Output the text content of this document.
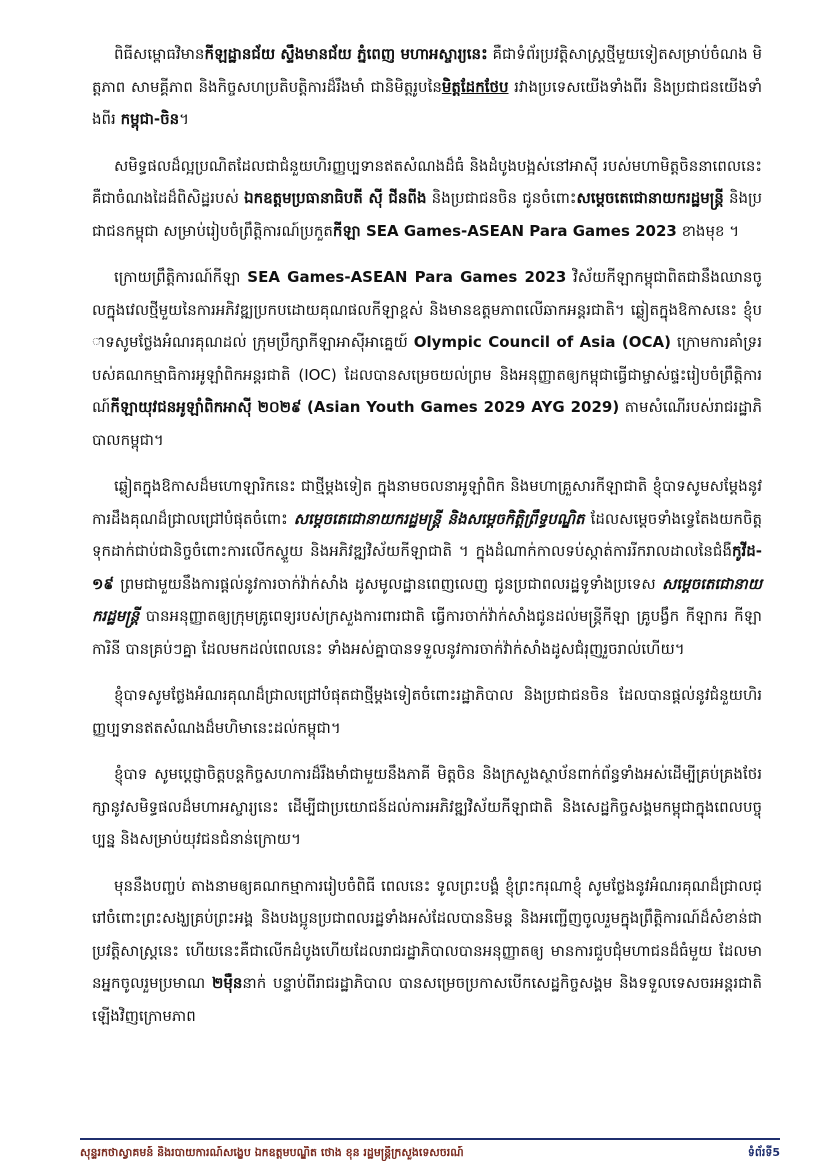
ពិធីសម្ពោធវិមានកីឡដ្ឋានជ័យ ស្ទឹងមានជ័យ ភ្នំពេញ មហាអស្ចារ្យនេះ គឺជាទំព័រប្រវត្តិសាស្ត្រថ្មីមួយទៀតសម្រាប់ចំណង មិត្តភាព សាមគ្គីភាព និងកិច្ចសហប្រតិបត្តិការដ៏រឹងមាំ ជានិមិត្តរូបនៃមិត្តដែកថែប រវាងប្រទេសយើងទាំងពីរ និងប្រជាជនយើងទាំងពីរ កម្ពុជា-ចិន។

សមិទ្ធផលដ៏ល្អប្រណិតដែលជាជំនួយហិរញ្ញប្បទានឥតសំណងដ៏ធំ និងដំបូងបង្អស់នៅអាស៊ី របស់មហាមិត្តចិននាពេលនេះ គឺជាចំណងដៃដ៏ពិសិដ្ឋរបស់ ឯកឧត្តមប្រធានាធិបតី ស៊ី ជីនពីង និងប្រជាជនចិន ជូនចំពោះសម្តេចតេជោនាយករដ្ឋមន្ត្រី និងប្រជាជនកម្ពុជា សម្រាប់រៀបចំព្រឹត្តិការណ៍ប្រកួតកីឡា SEA Games-ASEAN Para Games 2023 ខាងមុខ ។

ក្រោយព្រឹត្តិការណ៍កីឡា SEA Games-ASEAN Para Games 2023 វិស័យកីឡាកម្ពុជាពិតជានឹងឈានចូលក្នុងវេលថ្មីមួយនៃការអភិវឌ្ឍប្រកបដោយគុណផលកីឡាខ្ពស់ និងមានឧត្តមភាពលើឆាកអន្តរជាតិ។ ឆ្លៀតក្នុងឱកាសនេះ ខ្ញុំបាទសូមថ្លែងអំណរគុណដល់ ក្រុមប្រឹក្សាកីឡាអាស៊ីអាគ្នេយ៍ Olympic Council of Asia (OCA) ក្រោមការគាំទ្ររបស់គណកម្មាធិការអូឡាំពិកអន្តរជាតិ (IOC) ដែលបានសម្រេចយល់ព្រម និងអនុញ្ញាតឲ្យកម្ពុជាធ្វើជាម្ចាស់ផ្ទះរៀបចំព្រឹត្តិការណ៍កីឡាយុវជនអូឡាំពិកអាស៊ី ២០២៩ (Asian Youth Games 2029 AYG 2029) តាមសំណើរបស់រាជរដ្ឋាភិបាលកម្ពុជា។

ឆ្លៀតក្នុងឱកាសដ៏មហោឡារិកនេះ ជាថ្មីម្តងទៀត ក្នុងនាមចលនាអូឡាំពិក និងមហាគ្រួសារកីឡាជាតិ ខ្ញុំបាទសូមសម្តែងនូវការដឹងគុណដ៏ជ្រាលជ្រៅបំផុតចំពោះ សម្តេចតេជោនាយករដ្ឋមន្ត្រី និងសម្តេចកិត្តិព្រឹទ្ធបណ្ឌិត ដែលសម្តេចទាំងទ្វេតែងយកចិត្តទុកដាក់ជាប់ជានិច្ចចំពោះការលើកស្ទួយ និងអភិវឌ្ឍវិស័យកីឡាជាតិ ។ ក្នុងដំណាក់កាលទប់ស្កាត់ការរីករាលដាលនៃជំងឺកូវីដ-១៩ ព្រមជាមួយនឹងការផ្តល់នូវការចាក់វ៉ាក់សាំង ដូសមូលដ្ឋានពេញលេញ ជូនប្រជាពលរដ្ឋទូទាំងប្រទេស សម្តេចតេជោនាយករដ្ឋមន្ត្រី បានអនុញ្ញាតឲ្យក្រុមគ្រូពេទ្យរបស់ក្រសួងការពារជាតិ ធ្វើការចាក់វ៉ាក់សាំងជូនដល់មន្ត្រីកីឡា គ្រូបង្វឹក កីឡាករ កីឡាការិនី បានគ្រប់ៗគ្នា ដែលមកដល់ពេលនេះ ទាំងអស់គ្នាបានទទួលនូវការចាក់វ៉ាក់សាំងដូសជំរុញរួចរាល់ហើយ។

ខ្ញុំបាទសូមថ្លែងអំណរគុណដ៏ជ្រាលជ្រៅបំផុតជាថ្មីម្តងទៀតចំពោះរដ្ឋាភិបាល និងប្រជាជនចិន ដែលបានផ្តល់នូវជំនួយហិរញ្ញប្បទានឥតសំណងដ៏មហិមានេះដល់កម្ពុជា។

ខ្ញុំបាទ សូមប្តេជ្ញាចិត្តបន្តកិច្ចសហការដ៏រឹងមាំជាមួយនឹងភាគី មិត្តចិន និងក្រសួងស្ថាប័នពាក់ព័ន្ធទាំងអស់ដើម្បីគ្រប់គ្រងថែរក្សានូវសមិទ្ធផលដ៏មហាអស្ចារ្យនេះ ដើម្បីជាប្រយោជន៍ដល់ការអភិវឌ្ឍវិស័យកីឡាជាតិ និងសេដ្ឋកិច្ចសង្គមកម្ពុជាក្នុងពេលបច្ចុប្បន្ន និងសម្រាប់យុវជនជំនាន់ក្រោយ។

មុននឹងបញ្ចប់ តាងនាមឲ្យគណកម្មាការរៀបចំពិធី ពេលនេះ ទូលព្រះបង្គំ ខ្ញុំព្រះករុណាខ្ញុំ សូមថ្លែងនូវអំណរគុណដ៏ជ្រាលជ្រៅចំពោះព្រះសង្ឃគ្រប់ព្រះអង្គ និងបងប្អូនប្រជាពលរដ្ឋទាំងអស់ដែលបាននិមន្ត និងអញ្ជើញចូលរួមក្នុងព្រឹត្តិការណ៍ដ៏សំខាន់ជាប្រវត្តិសាស្ត្រនេះ ហើយនេះគឺជាលើកដំបូងហើយដែលរាជរដ្ឋាភិបាលបានអនុញ្ញាតឲ្យ មានការជួបជុំមហាជនដ៏ធំមួយ ដែលមានអ្នកចូលរួមប្រមាណ ២ម៉ឺននាក់ បន្ទាប់ពីរាជរដ្ឋាភិបាល បានសម្រេចប្រកាសបើកសេដ្ឋកិច្ចសង្គម និងទទួលទេសចរអន្តរជាតិឡើងវិញក្រោមភាព

សុន្ទរកថាស្វាគមន៍ និងរបាយការណ៍សង្ខេប ឯកឧត្តមបណ្ឌិត ថោង ខុន រដ្ឋមន្ត្រីក្រសួងទេសចរណ៍	ទំព័រទី5
